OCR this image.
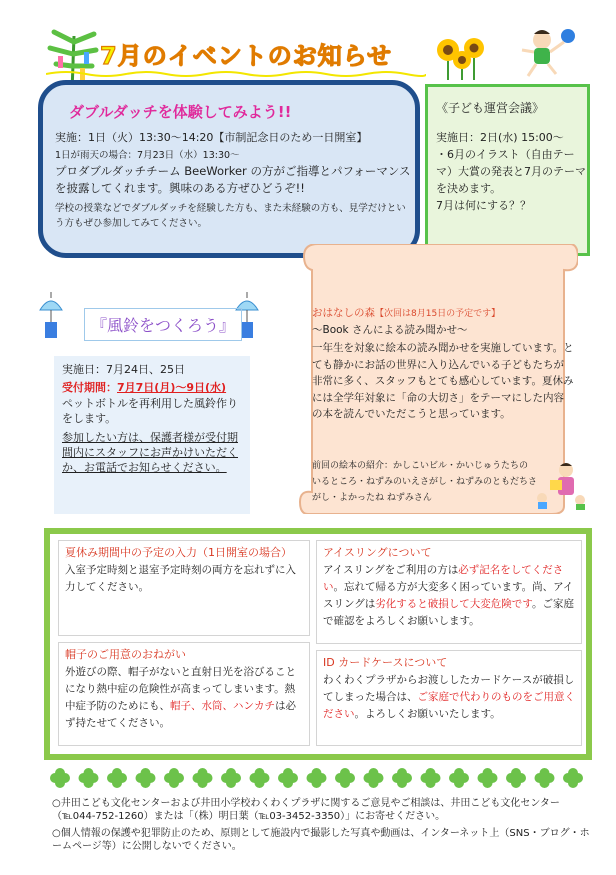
7月のイベントのお知らせ
ダブルダッチを体験してみよう!!
実施：1日（火）13:30〜14:20【市制記念日のため一日開室】
1日が雨天の場合：7月23日（水）13:30〜
プロダブルダッチチーム BeeWorker の方がご指導とパフォーマンスを披露してくれます。興味のある方ぜひどうぞ!!
学校の授業などでダブルダッチを経験した方も、また未経験の方も、見学だけという方もぜひ参加してみてください。
《子ども運営会議》
実施日：2日(水) 15:00〜
・6月のイラスト（自由テーマ）大賞の発表と7月のテーマを決めます。
7月は何にする？？
『風鈴をつくろう』
実施日：7月24日、25日
受付期間：7月7日(月)〜9日(水)
ペットボトルを再利用した風鈴作りをします。
参加したい方は、保護者様が受付期間内にスタッフにお声かけいただくか、お電話でお知らせください。
おはなしの森【次回は8月15日の予定です】
〜Book さんによる読み聞かせ〜
一年生を対象に絵本の読み聞かせを実施しています。とても静かにお話の世界に入り込んでいる子どもたちが非常に多く、スタッフもとても感心しています。夏休みには全学年対象に「命の大切さ」をテーマにした内容の本を読んでいただこうと思っています。
前回の絵本の紹介：かしこいビル・かいじゅうたちのいるところ・ねずみのいえさがし・ねずみのともだちさがし・よかったね ねずみさん
夏休み期間中の予定の入力（1日開室の場合）
入室予定時刻と退室予定時刻の両方を忘れずに入力してください。
アイスリングについて
アイスリングをご利用の方は必ず記名をしてください。忘れて帰る方が大変多く困っています。尚、アイスリングは劣化すると破損して大変危険です。ご家庭で確認をよろしくお願いします。
帽子のご用意のおねがい
外遊びの際、帽子がないと直射日光を浴びることになり熱中症の危険性が高まってしまいます。熱中症予防のためにも、帽子、水筒、ハンカチは必ず持たせてください。
ID カードケースについて
わくわくプラザからお渡ししたカードケースが破損してしまった場合は、ご家庭で代わりのものをご用意ください。よろしくお願いいたします。
○井田こども文化センターおよび井田小学校わくわくプラザに関するご意見やご相談は、井田こども文化センター（℡044-752-1260）または「（株）明日葉（℡03-3452-3350）」にお寄せください。
○個人情報の保護や犯罪防止のため、原則として施設内で撮影した写真や動画は、インターネット上（SNS・ブログ・ホームページ等）に公開しないでください。
